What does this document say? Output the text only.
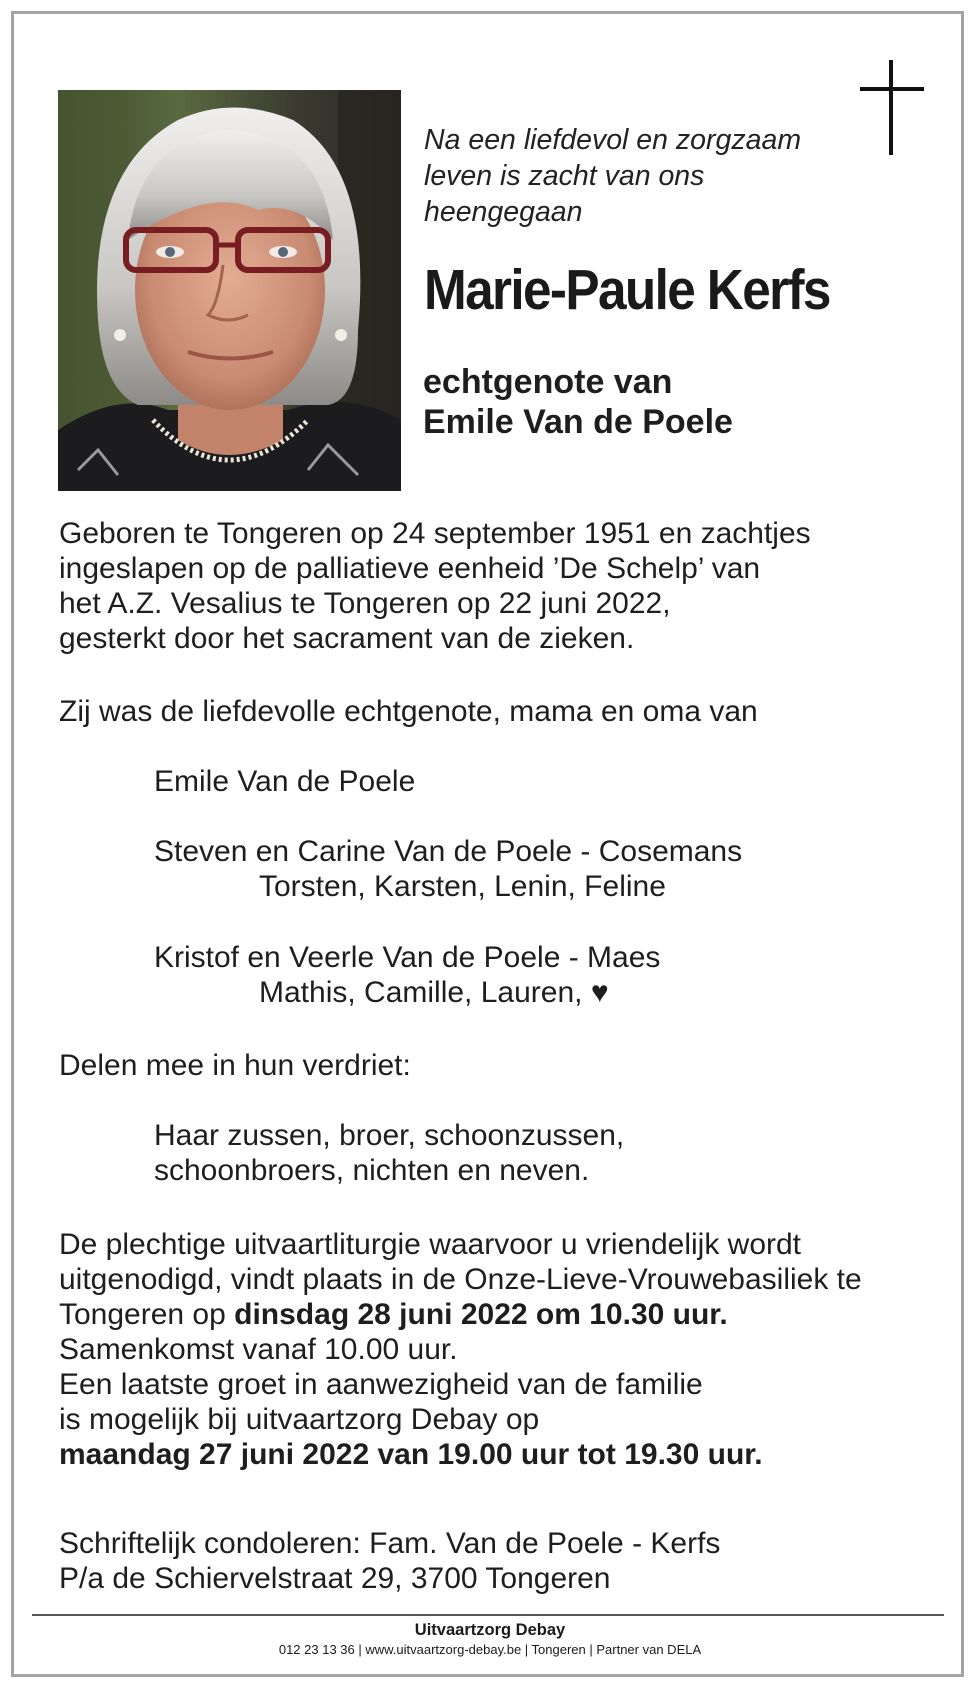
Na een liefdevol en zorgzaam
leven is zacht van ons
heengegaan
Marie-Paule Kerfs
echtgenote van
Emile Van de Poele

Geboren te Tongeren op 24 september 1951 en zachtjes

ingeslapen op de palliatieve eenheid ’De Schelp’ van

het A.Z. Vesalius te Tongeren op 22 juni 2022,

gesterkt door het sacrament van de zieken.

Zij was de liefdevolle echtgenote, mama en oma van
Emile Van de Poele
Steven en Carine Van de Poele - Cosemans
Torsten, Karsten, Lenin, Feline
Kristof en Veerle Van de Poele - Maes
Mathis, Camille, Lauren, ♥
Delen mee in hun verdriet:
Haar zussen, broer, schoonzussen,
schoonbroers, nichten en neven.

De plechtige uitvaartliturgie waarvoor u vriendelijk wordt

uitgenodigd, vindt plaats in de Onze-Lieve-Vrouwebasiliek te

Tongeren op dinsdag 28 juni 2022 om 10.30 uur.

Samenkomst vanaf 10.00 uur.

Een laatste groet in aanwezigheid van de familie

is mogelijk bij uitvaartzorg Debay op

maandag 27 juni 2022 van 19.00 uur tot 19.30 uur.

Schriftelijk condoleren: Fam. Van de Poele - Kerfs

P/a de Schiervelstraat 29, 3700 Tongeren

Uitvaartzorg Debay
012 23 13 36 | www.uitvaartzorg-debay.be | Tongeren | Partner van DELA
